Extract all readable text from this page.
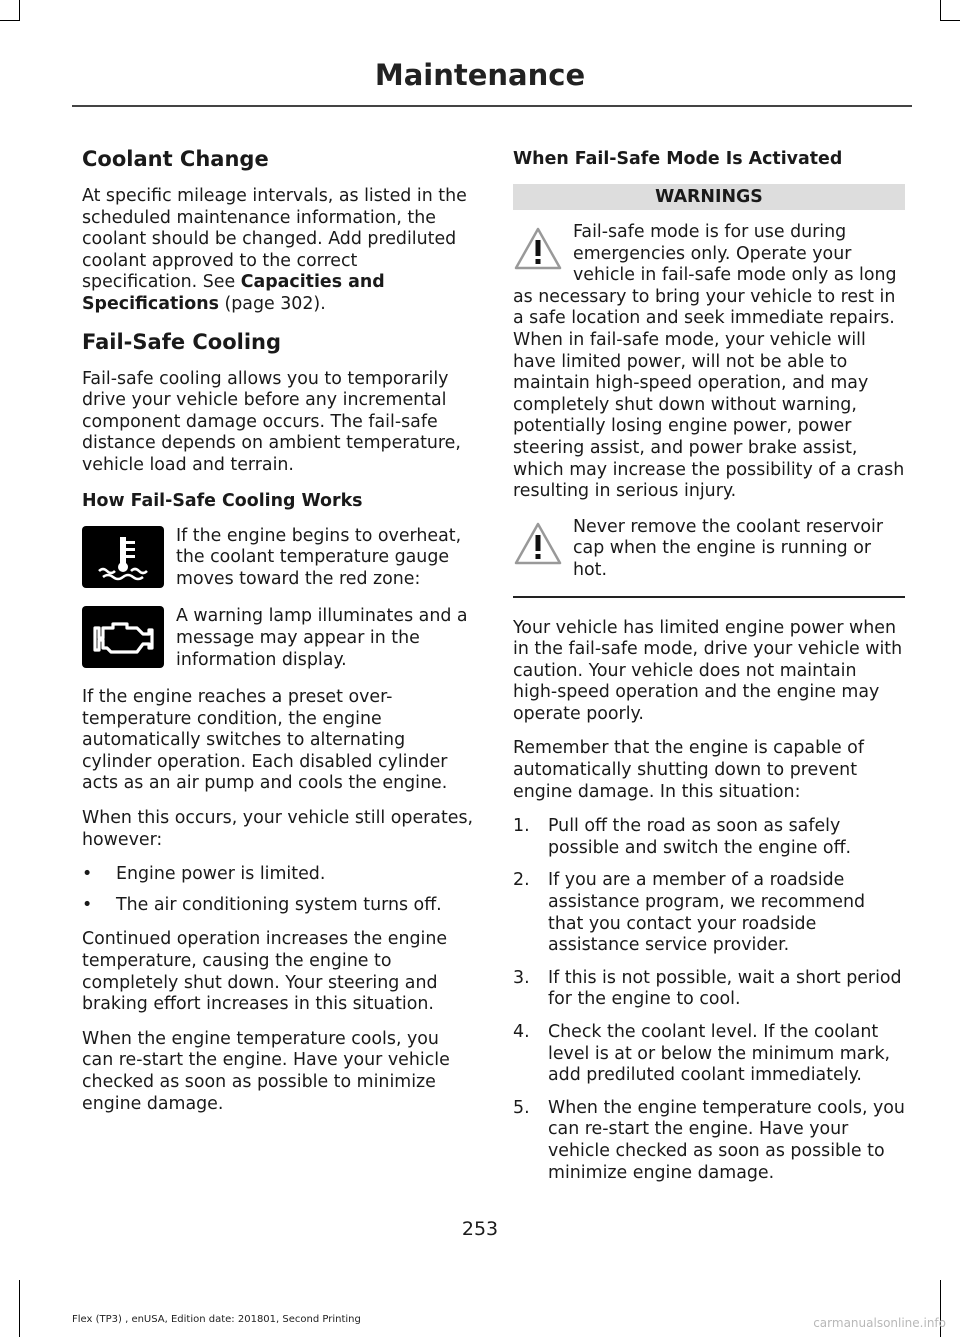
Maintenance
Coolant Change

At specific mileage intervals, as listed in the scheduled maintenance information, the coolant should be changed. Add prediluted coolant approved to the correct specification. See Capacities and Specifications (page 302).

Fail-Safe Cooling

Fail-safe cooling allows you to temporarily drive your vehicle before any incremental component damage occurs. The fail-safe distance depends on ambient temperature, vehicle load and terrain.

How Fail-Safe Cooling Works
If the engine begins to overheat, the coolant temperature gauge moves toward the red zone:
A warning lamp illuminates and a message may appear in the information display.

If the engine reaches a preset over-temperature condition, the engine automatically switches to alternating cylinder operation. Each disabled cylinder acts as an air pump and cools the engine.

When this occurs, your vehicle still operates, however:

• Engine power is limited.
• The air conditioning system turns off.

Continued operation increases the engine temperature, causing the engine to completely shut down. Your steering and braking effort increases in this situation.

When the engine temperature cools, you can re-start the engine. Have your vehicle checked as soon as possible to minimize engine damage.

When Fail-Safe Mode Is Activated
WARNINGS
Fail-safe mode is for use during emergencies only. Operate your vehicle in fail-safe mode only as long as necessary to bring your vehicle to rest in a safe location and seek immediate repairs. When in fail-safe mode, your vehicle will have limited power, will not be able to maintain high-speed operation, and may completely shut down without warning, potentially losing engine power, power steering assist, and power brake assist, which may increase the possibility of a crash resulting in serious injury.
Never remove the coolant reservoir cap when the engine is running or hot.

Your vehicle has limited engine power when in the fail-safe mode, drive your vehicle with caution. Your vehicle does not maintain high-speed operation and the engine may operate poorly.

Remember that the engine is capable of automatically shutting down to prevent engine damage. In this situation:

1. Pull off the road as soon as safely possible and switch the engine off.
2. If you are a member of a roadside assistance program, we recommend that you contact your roadside assistance service provider.
3. If this is not possible, wait a short period for the engine to cool.
4. Check the coolant level. If the coolant level is at or below the minimum mark, add prediluted coolant immediately.
5. When the engine temperature cools, you can re-start the engine. Have your vehicle checked as soon as possible to minimize engine damage.
253
Flex (TP3) , enUSA, Edition date: 201801, Second Printing	carmanualsonline.info
